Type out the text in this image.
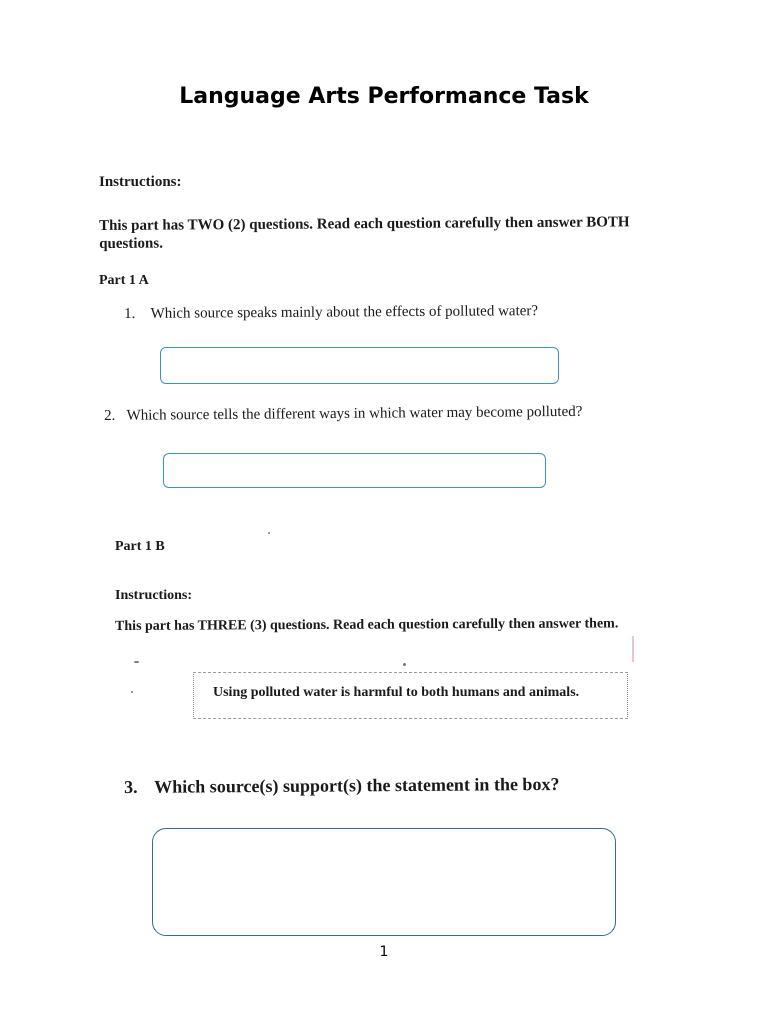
Language Arts Performance Task
Instructions:
This part has TWO (2) questions. Read each question carefully then answer BOTH
questions.
Part 1 A
1. Which source speaks mainly about the effects of polluted water?
2. Which source tells the different ways in which water may become polluted?
Part 1 B
Instructions:
This part has THREE (3) questions. Read each question carefully then answer them.
Using polluted water is harmful to both humans and animals.
3. Which source(s) support(s) the statement in the box?
1
